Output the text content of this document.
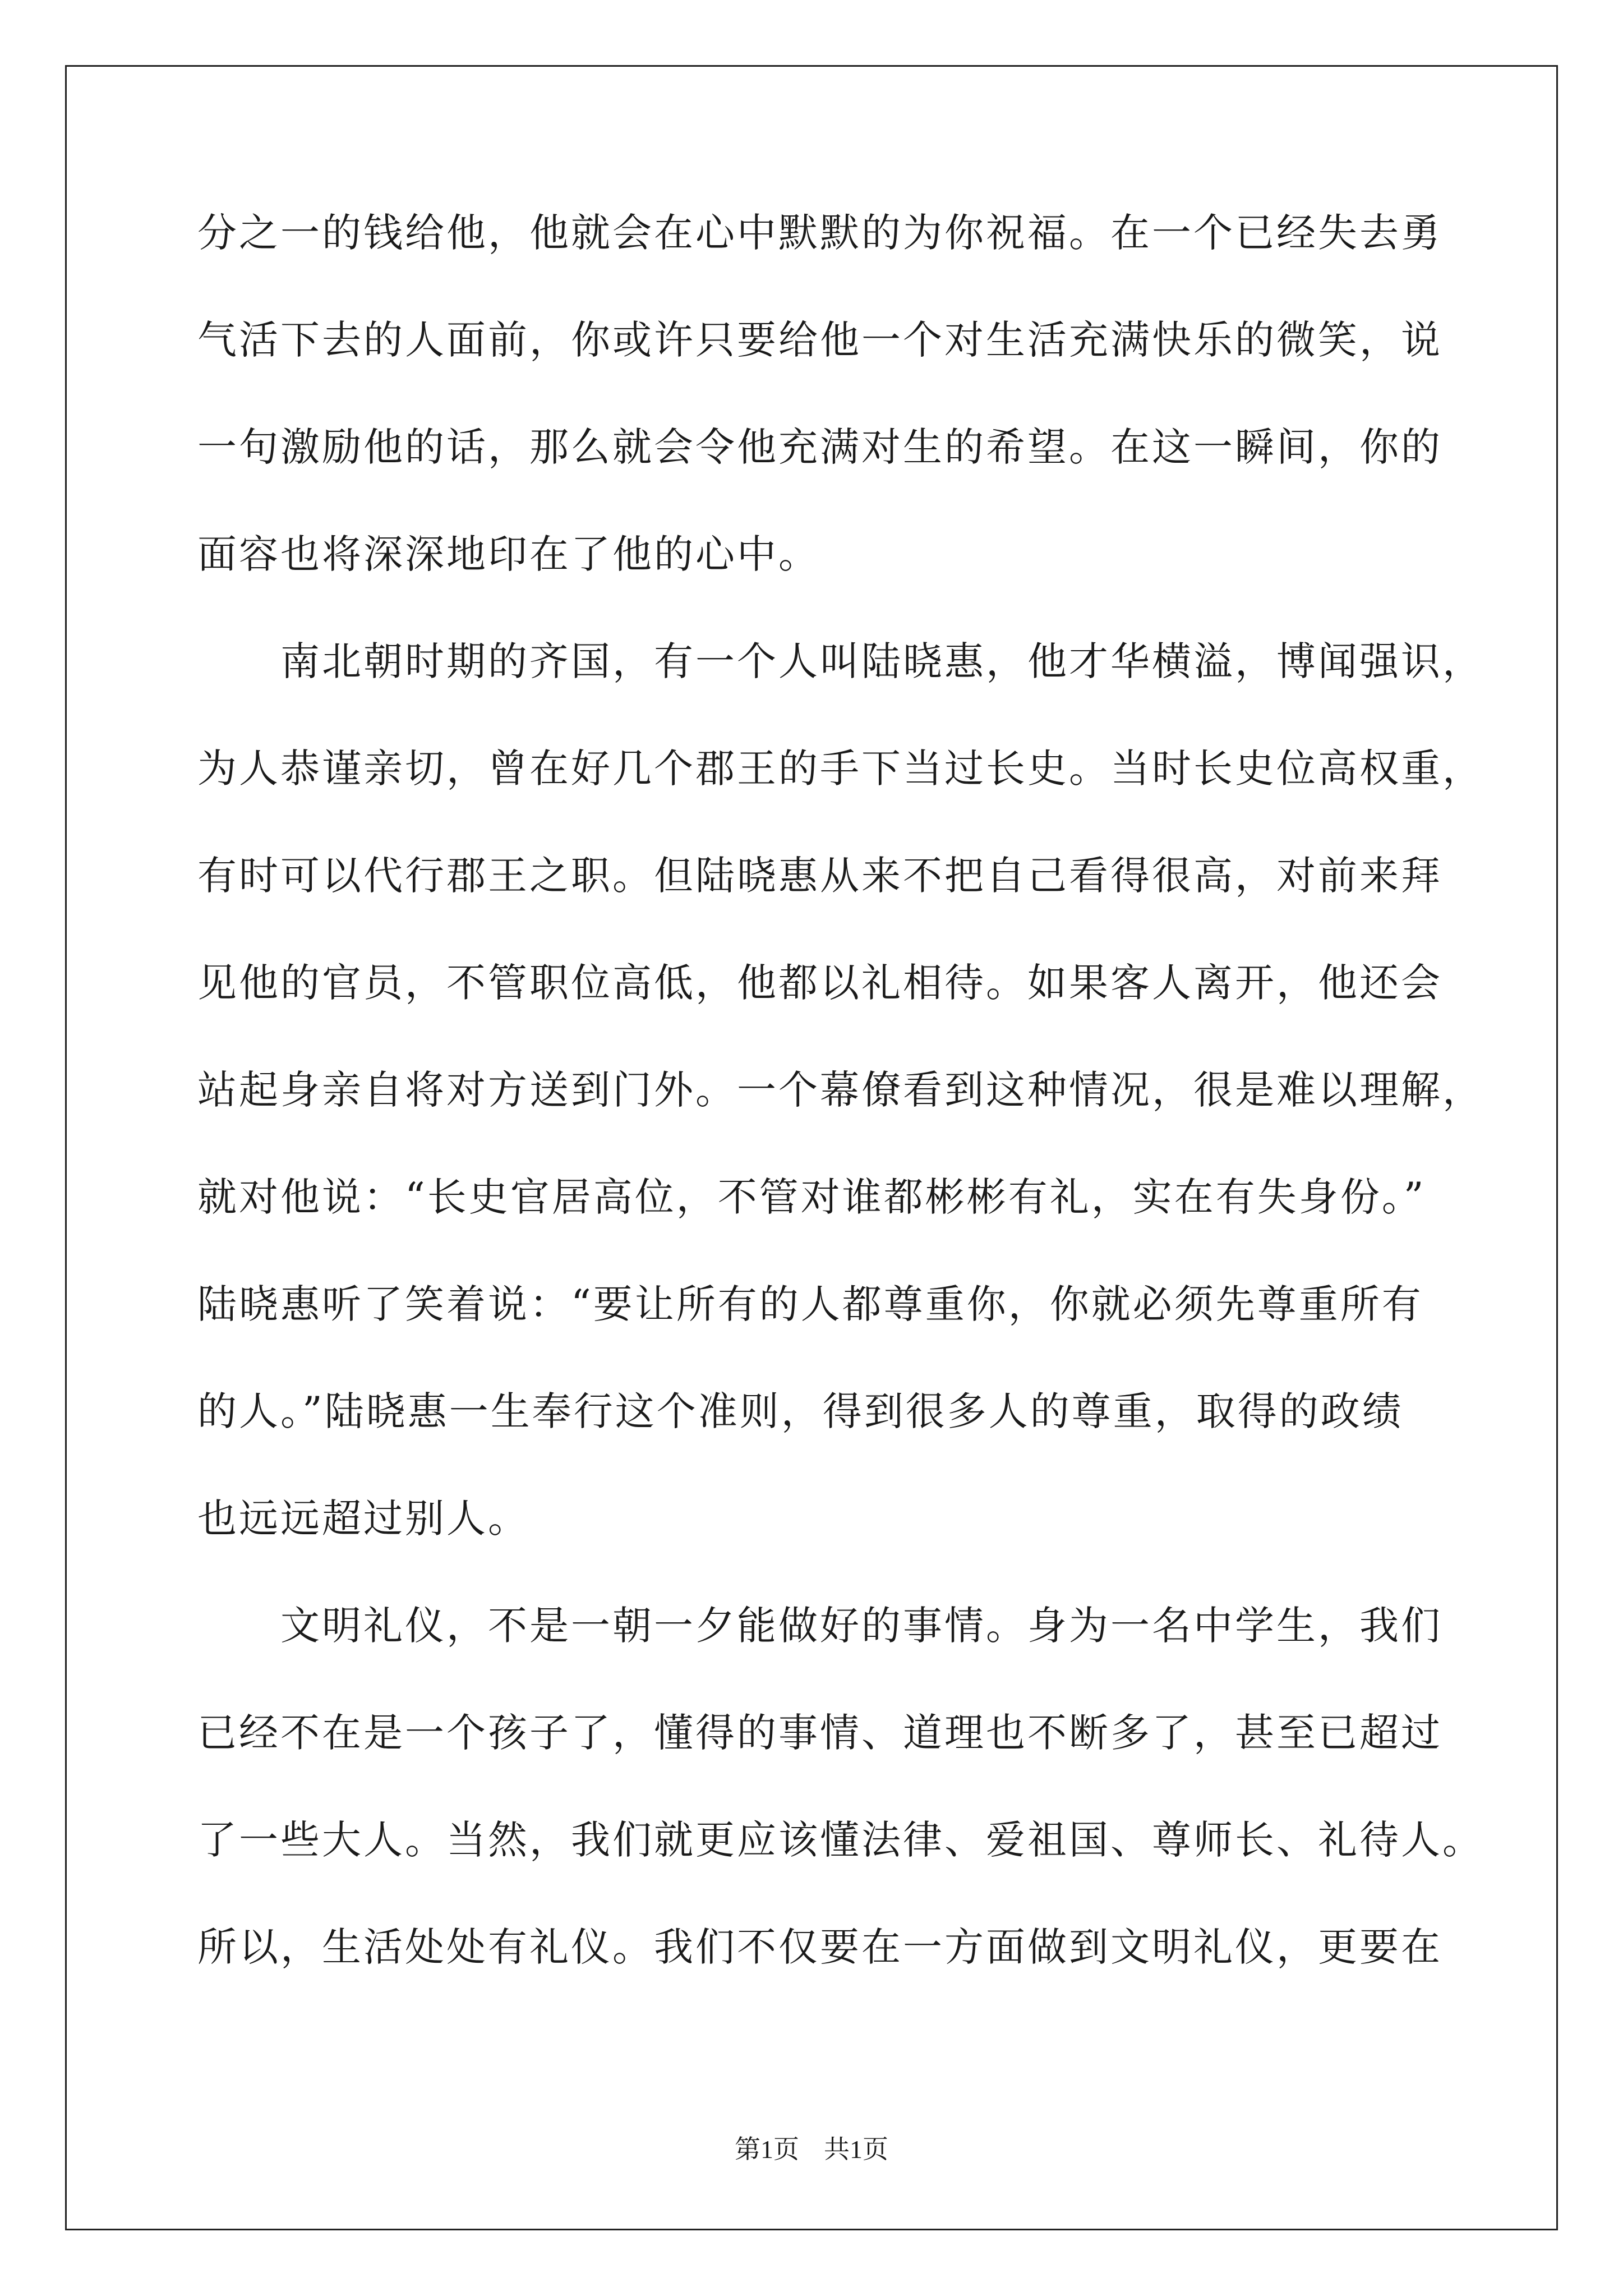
分之一的钱给他，他就会在心中默默的为你祝福。在一个已经失去勇
气活下去的人面前，你或许只要给他一个对生活充满快乐的微笑，说
一句激励他的话，那么就会令他充满对生的希望。在这一瞬间，你的
面容也将深深地印在了他的心中。
　　南北朝时期的齐国，有一个人叫陆晓惠，他才华横溢，博闻强识，
为人恭谨亲切，曾在好几个郡王的手下当过长史。当时长史位高权重，
有时可以代行郡王之职。但陆晓惠从来不把自己看得很高，对前来拜
见他的官员，不管职位高低，他都以礼相待。如果客人离开，他还会
站起身亲自将对方送到门外。一个幕僚看到这种情况，很是难以理解，
就对他说：“长史官居高位，不管对谁都彬彬有礼，实在有失身份。”
陆晓惠听了笑着说：“要让所有的人都尊重你，你就必须先尊重所有
的人。”陆晓惠一生奉行这个准则，得到很多人的尊重，取得的政绩
也远远超过别人。
　　文明礼仪，不是一朝一夕能做好的事情。身为一名中学生，我们
已经不在是一个孩子了，懂得的事情、道理也不断多了，甚至已超过
了一些大人。当然，我们就更应该懂法律、爱祖国、尊师长、礼待人。
所以，生活处处有礼仪。我们不仅要在一方面做到文明礼仪，更要在
第1页 共1页
